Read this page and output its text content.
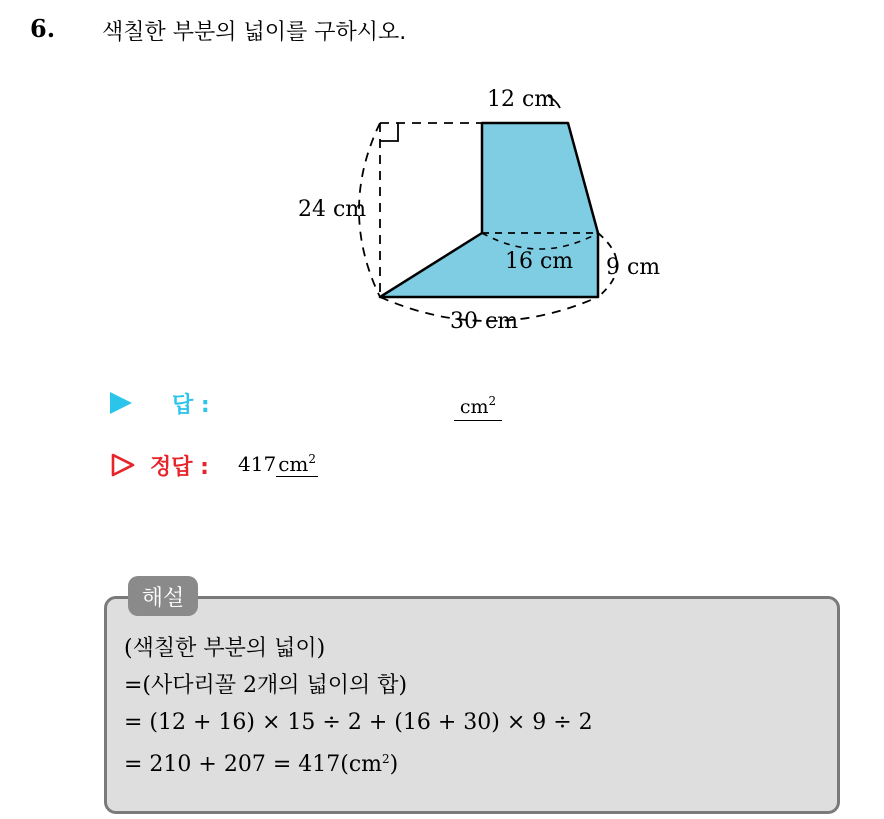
6. 색칠한 부분의 넓이를 구하시오.
12 cm
24 cm
16 cm 9 cm
30 cm
답 :	$cm^2$
정답 : 417 $cm^2$
해설
(색칠한 부분의 넓이)
=(사다리꼴 2개의 넓이의 합)
= (12 + 16) × 15 ÷ 2 + (16 + 30) × 9 ÷ 2
= $210 + 207 = 417(cm^2)$
